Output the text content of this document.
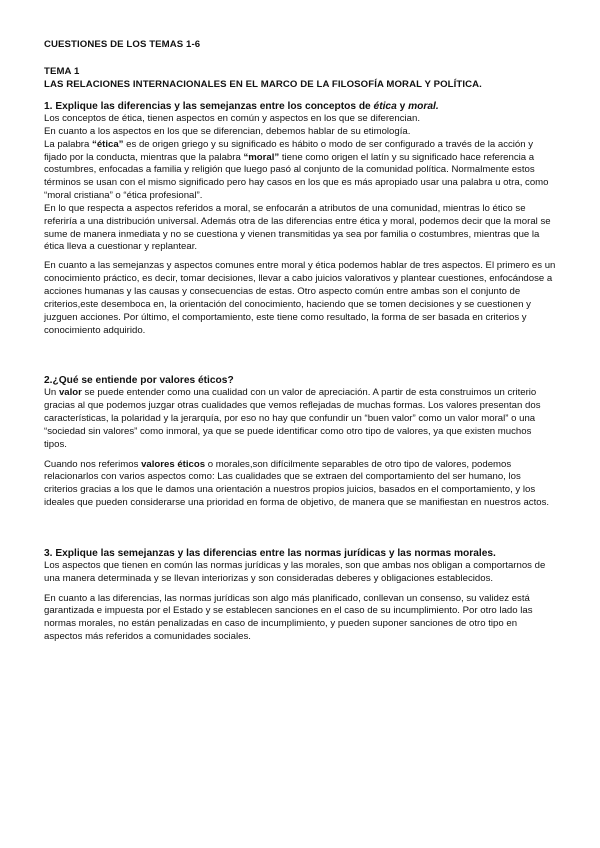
CUESTIONES DE LOS TEMAS 1-6
TEMA 1
LAS RELACIONES INTERNACIONALES EN EL MARCO DE LA FILOSOFÍA MORAL Y POLÍTICA.
1. Explique las diferencias y las semejanzas entre los conceptos de ética y moral.

Los conceptos de ética, tienen aspectos en común y aspectos en los que se diferencian.

En cuanto a los aspectos en los que se diferencian, debemos hablar de su etimología.

La palabra “ética” es de origen griego y su significado es hábito o modo de ser configurado a través de la acción y fijado por la conducta, mientras que la palabra “moral” tiene como origen el latín y su significado hace referencia a costumbres, enfocadas a familia y religión que luego pasó al conjunto de la comunidad política. Normalmente estos términos se usan con el mismo significado pero hay casos en los que es más apropiado usar una palabra u otra, como “moral cristiana” o “ética profesional”.

En lo que respecta a aspectos referidos a moral, se enfocarán a atributos de una comunidad, mientras lo ético se referiría a una distribución universal. Además otra de las diferencias entre ética y moral, podemos decir que la moral se sume de manera inmediata y no se cuestiona y vienen transmitidas ya sea por familia o costumbres, mientras que la ética lleva a cuestionar y replantear.

En cuanto a las semejanzas y aspectos comunes entre moral y ética podemos hablar de tres aspectos. El primero es un conocimiento práctico, es decir, tomar decisiones, llevar a cabo juicios valorativos y plantear cuestiones, enfocándose a acciones humanas y las causas y consecuencias de estas. Otro aspecto común entre ambas son el conjunto de criterios,este desemboca en, la orientación del conocimiento, haciendo que se tomen decisiones y se cuestionen y juzguen acciones. Por último, el comportamiento, este tiene como resultado, la forma de ser basada en criterios y conocimiento adquirido.

2.¿Qué se entiende por valores éticos?

Un valor se puede entender como una cualidad con un valor de apreciación. A partir de esta construimos un criterio gracias al que podemos juzgar otras cualidades que vemos reflejadas de muchas formas. Los valores presentan dos características, la polaridad y la jerarquía, por eso no hay que confundir un “buen valor” como un valor moral” o una “sociedad sin valores” como inmoral, ya que se puede identificar como otro tipo de valores, ya que existen muchos tipos.

Cuando nos referimos valores éticos o morales,son difícilmente separables de otro tipo de valores, podemos relacionarlos con varios aspectos como: Las cualidades que se extraen del comportamiento del ser humano, los criterios gracias a los que le damos una orientación a nuestros propios juicios, basados en el comportamiento, y los ideales que pueden considerarse una prioridad en forma de objetivo, de manera que se manifiestan en nuestros actos.

3. Explique las semejanzas y las diferencias entre las normas jurídicas y las normas morales.

Los aspectos que tienen en común las normas jurídicas y las morales, son que ambas nos obligan a comportarnos de una manera determinada y se llevan interiorizas y son consideradas deberes y obligaciones establecidos.

En cuanto a las diferencias, las normas jurídicas son algo más planificado, conllevan un consenso, su validez está garantizada e impuesta por el Estado y se establecen sanciones en el caso de su incumplimiento. Por otro lado las normas morales, no están penalizadas en caso de incumplimiento, y pueden suponer sanciones de otro tipo en aspectos más referidos a comunidades sociales.
